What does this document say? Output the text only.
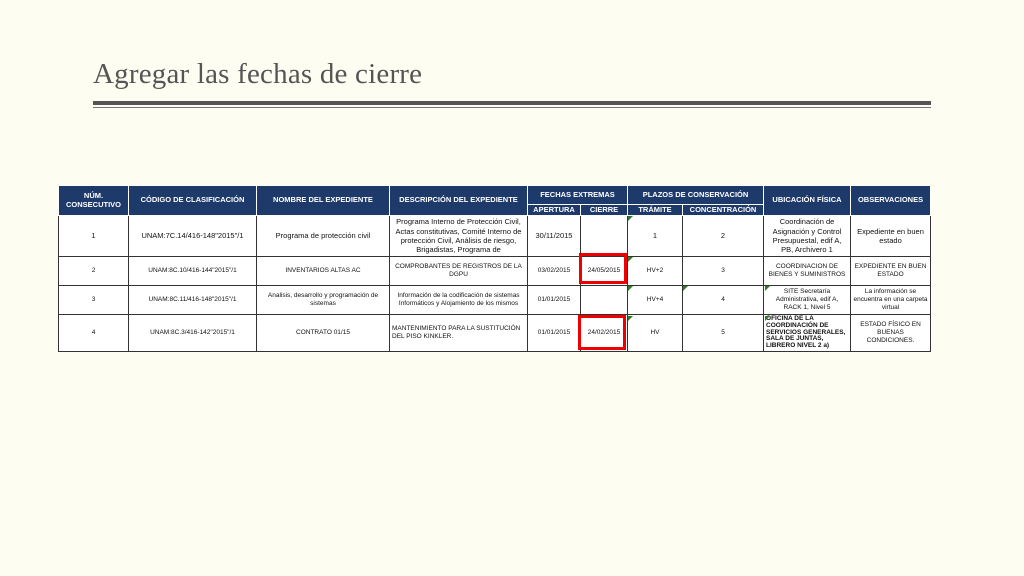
Agregar las fechas de cierre
NÚM. CONSECUTIVO	CÓDIGO DE CLASIFICACIÓN	NOMBRE DEL EXPEDIENTE	DESCRIPCIÓN DEL EXPEDIENTE	FECHAS EXTREMAS		PLAZOS DE CONSERVACIÓN		UBICACIÓN FÍSICA	OBSERVACIONES
				APERTURA	CIERRE	TRÁMITE	CONCENTRACIÓN		
1	UNAM:7C.14/416-148"2015"/1	Programa de protección civil	Programa Interno de Protección Civil, Actas constitutivas, Comité Interno de protección Civil, Análisis de riesgo, Brigadistas, Programa de	30/11/2015		1	2	Coordinación de Asignación y Control Presupuestal, edif A, PB, Archivero 1	Expediente en buen estado
2	UNAM:8C.10/416-144"2015"/1	INVENTARIOS ALTAS AC	COMPROBANTES DE REGISTROS DE LA DGPU	03/02/2015	24/05/2015	HV+2	3	COORDINACION DE BIENES Y SUMINISTROS	EXPEDIENTE EN BUEN ESTADO
3	UNAM:8C.11/416-148"2015"/1	Analisis, desarrollo y programación de sistemas	Información de la codificación de sistemas Informáticos y Alojamiento de los mismos	01/01/2015		HV+4	4	SITE Secretaría Administrativa, edif A, RACK 1, Nivel 5	La información se encuentra en una carpeta virtual
4	UNAM:8C.3/416-142"2015"/1	CONTRATO 01/15	MANTENIMIENTO PARA LA SUSTITUCIÓN DEL PISO KINKLER.	01/01/2015	24/02/2015	HV	5	OFICINA DE LA COORDINACIÓN DE SERVICIOS GENERALES, SALA DE JUNTAS, LIBRERO NIVEL 2 a)	ESTADO FÍSICO EN BUENAS CONDICIONES.
